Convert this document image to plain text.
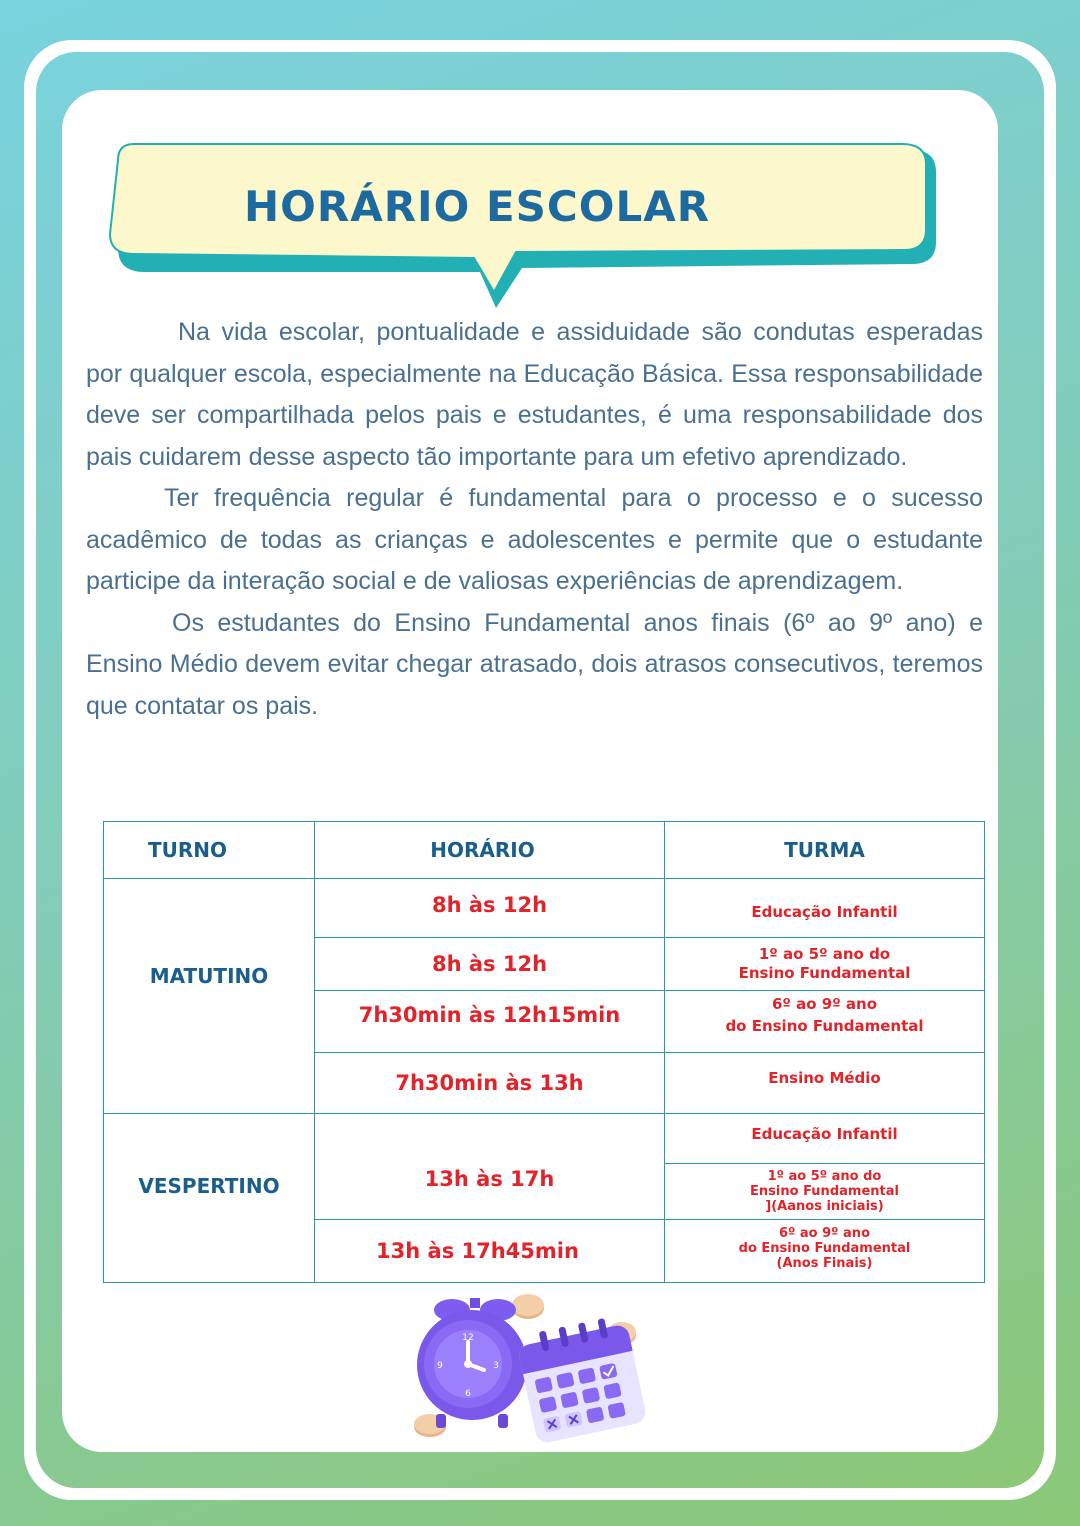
HORÁRIO ESCOLAR

Na vida escolar, pontualidade e assiduidade são condutas esperadas por qualquer escola, especialmente na Educação Básica. Essa responsabilidade deve ser compartilhada pelos pais e estudantes, é uma responsabilidade dos pais cuidarem desse aspecto tão importante para um efetivo aprendizado.

Ter frequência regular é fundamental para o processo e o sucesso acadêmico de todas as crianças e adolescentes e permite que o estudante participe da interação social e de valiosas experiências de aprendizagem.

Os estudantes do Ensino Fundamental anos finais (6º ao 9º ano) e Ensino Médio devem evitar chegar atrasado, dois atrasos consecutivos, teremos que contatar os pais.

TURNO	HORÁRIO	TURMA
MATUTINO	8h às 12h	Educação Infantil

	8h às 12h	1º ao 5º ano do
Ensino Fundamental

	7h30min às 12h15min	6º ao 9º ano
do Ensino Fundamental

	7h30min às 13h	Ensino Médio

VESPERTINO	13h às 17h	Educação Infantil

		1º ao 5º ano do
Ensino Fundamental
](Aanos iniciais)

	13h às 17h45min	6º ao 9º ano
do Ensino Fundamental
(Anos Finais)
12
3
6
9
